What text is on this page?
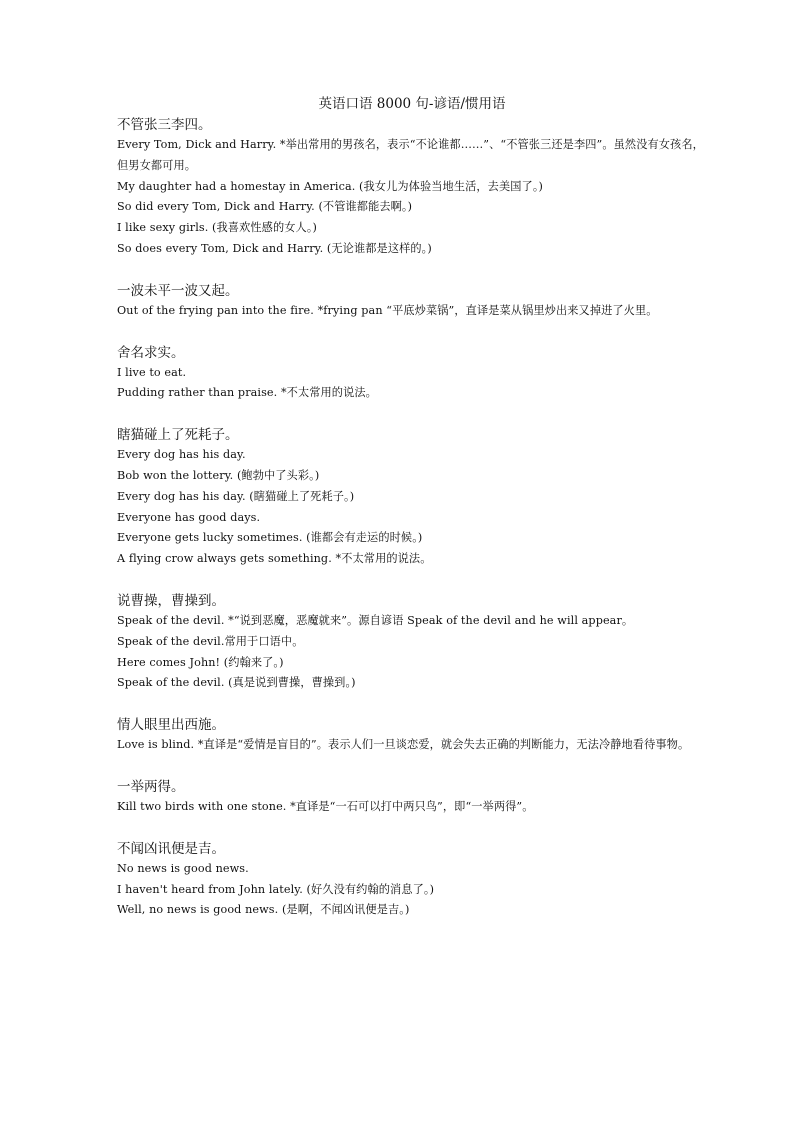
英语口语 8000 句-谚语/惯用语
不管张三李四。
Every Tom, Dick and Harry. *举出常用的男孩名，表示“不论谁都……”、“不管张三还是李四”。虽然没有女孩名，但男女都可用。
My daughter had a homestay in America. (我女儿为体验当地生活，去美国了。)
So did every Tom, Dick and Harry. (不管谁都能去啊。)
I like sexy girls. (我喜欢性感的女人。)
So does every Tom, Dick and Harry. (无论谁都是这样的。)
一波未平一波又起。
Out of the frying pan into the fire. *frying pan “平底炒菜锅”，直译是菜从锅里炒出来又掉进了火里。
舍名求实。
I live to eat.
Pudding rather than praise. *不太常用的说法。
瞎猫碰上了死耗子。
Every dog has his day.
Bob won the lottery. (鲍勃中了头彩。)
Every dog has his day. (瞎猫碰上了死耗子。)
Everyone has good days.
Everyone gets lucky sometimes. (谁都会有走运的时候。)
A flying crow always gets something. *不太常用的说法。
说曹操，曹操到。
Speak of the devil. *“说到恶魔，恶魔就来”。源自谚语 Speak of the devil and he will appear。
Speak of the devil.常用于口语中。
Here comes John! (约翰来了。)
Speak of the devil. (真是说到曹操，曹操到。)
情人眼里出西施。
Love is blind. *直译是“爱情是盲目的”。表示人们一旦谈恋爱，就会失去正确的判断能力，无法冷静地看待事物。
一举两得。
Kill two birds with one stone. *直译是“一石可以打中两只鸟”，即“一举两得”。
不闻凶讯便是吉。
No news is good news.
I haven't heard from John lately. (好久没有约翰的消息了。)
Well, no news is good news. (是啊，不闻凶讯便是吉。)
